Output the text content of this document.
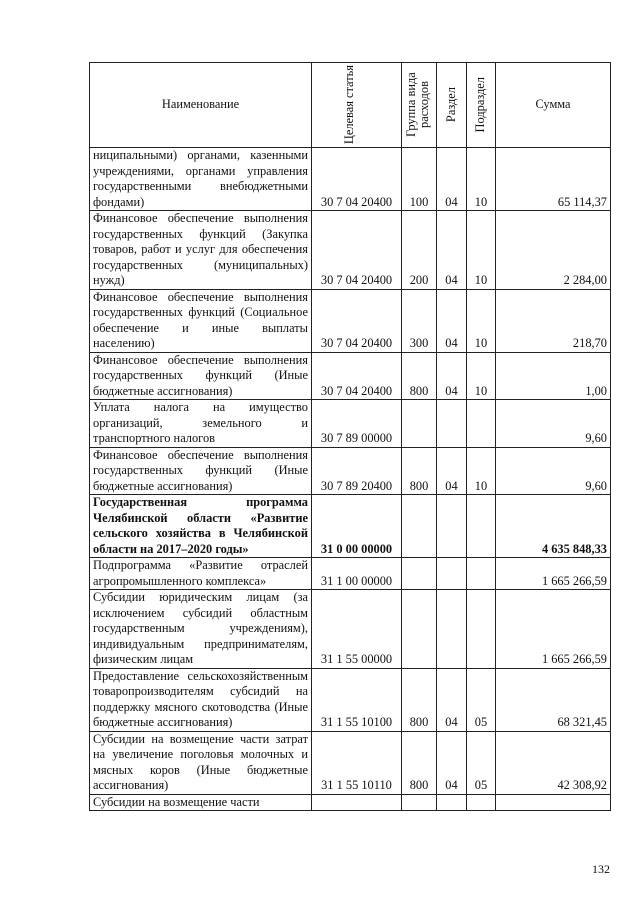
Наименование	Целевая статья	Группа вида расходов	Раздел	Подраздел	Сумма
ниципальными) органами, казенными учреждениями, органами управления государственными внебюджетными фондами)	30 7 04 20400	100	04	10	65 114,37
Финансовое обеспечение выполнения государственных функций (Закупка товаров, работ и услуг для обеспечения государственных (муниципальных) нужд)	30 7 04 20400	200	04	10	2 284,00
Финансовое обеспечение выполнения государственных функций (Социальное обеспечение и иные выплаты населению)	30 7 04 20400	300	04	10	218,70
Финансовое обеспечение выполнения государственных функций (Иные бюджетные ассигнования)	30 7 04 20400	800	04	10	1,00
Уплата налога на имущество организаций, земельного и транспортного налогов	30 7 89 00000				9,60
Финансовое обеспечение выполнения государственных функций (Иные бюджетные ассигнования)	30 7 89 20400	800	04	10	9,60
Государственная программа Челябинской области «Развитие сельского хозяйства в Челябинской области на 2017–2020 годы»	31 0 00 00000				4 635 848,33
Подпрограмма «Развитие отраслей агропромышленного комплекса»	31 1 00 00000				1 665 266,59
Субсидии юридическим лицам (за исключением субсидий областным государственным учреждениям), индивидуальным предпринимателям, физическим лицам	31 1 55 00000				1 665 266,59
Предоставление сельскохозяйственным товаропроизводителям субсидий на поддержку мясного скотоводства (Иные бюджетные ассигнования)	31 1 55 10100	800	04	05	68 321,45
Субсидии на возмещение части затрат на увеличение поголовья молочных и мясных коров (Иные бюджетные ассигнования)	31 1 55 10110	800	04	05	42 308,92
Субсидии на возмещение части					
132
